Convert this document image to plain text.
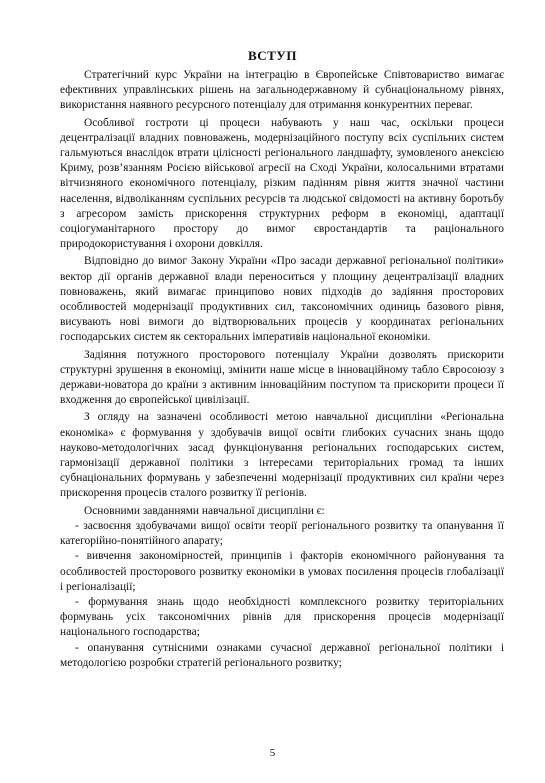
ВСТУП

Стратегічний курс України на інтеграцію в Європейське Співтовариство вимагає ефективних управлінських рішень на загальнодержавному й субнаціональному рівнях, використання наявного ресурсного потенціалу для отримання конкурентних переваг.

Особливої гостроти ці процеси набувають у наш час, оскільки процеси децентралізації владних повноважень, модернізаційного поступу всіх суспільних систем гальмуються внаслідок втрати цілісності регіонального ландшафту, зумовленого анексією Криму, розв’язанням Росією військової агресії на Сході України, колосальними втратами вітчизняного економічного потенціалу, різким падінням рівня життя значної частини населення, відволіканням суспільних ресурсів та людської свідомості на активну боротьбу з агресором замість прискорення структурних реформ в економіці, адаптації соціогуманітарного простору до вимог євростандартів та раціонального природокористування і охорони довкілля.

Відповідно до вимог Закону України «Про засади державної регіональної політики» вектор дії органів державної влади переноситься у площину децентралізації владних повноважень, який вимагає принципово нових підходів до задіяння просторових особливостей модернізації продуктивних сил, таксономічних одиниць базового рівня, висувають нові вимоги до відтворювальних процесів у координатах регіональних господарських систем як секторальних імперативів національної економіки.

Задіяння потужного просторового потенціалу України дозволять прискорити структурні зрушення в економіці, змінити наше місце в інноваційному табло Євросоюзу з держави-новатора до країни з активним інноваційним поступом та прискорити процеси її входження до європейської цивілізації.

З огляду на зазначені особливості метою навчальної дисципліни «Регіональна економіка» є формування у здобувачів вищої освіти глибоких сучасних знань щодо науково-методологічних засад функціонування регіональних господарських систем, гармонізації державної політики з інтересами територіальних громад та інших субнаціональних формувань у забезпеченні модернізації продуктивних сил країни через прискорення процесів сталого розвитку її регіонів.

Основними завданнями навчальної дисципліни є:

- засвоєння здобувачами вищої освіти теорії регіонального розвитку та опанування її категорійно-понятійного апарату;

- вивчення закономірностей, принципів і факторів економічного районування та особливостей просторового розвитку економіки в умовах посилення процесів глобалізації і регіоналізації;

- формування знань щодо необхідності комплексного розвитку територіальних формувань усіх таксономічних рівнів для прискорення процесів модернізації національного господарства;

- опанування сутнісними ознаками сучасної державної регіональної політики і методологією розробки стратегій регіонального розвитку;

5
